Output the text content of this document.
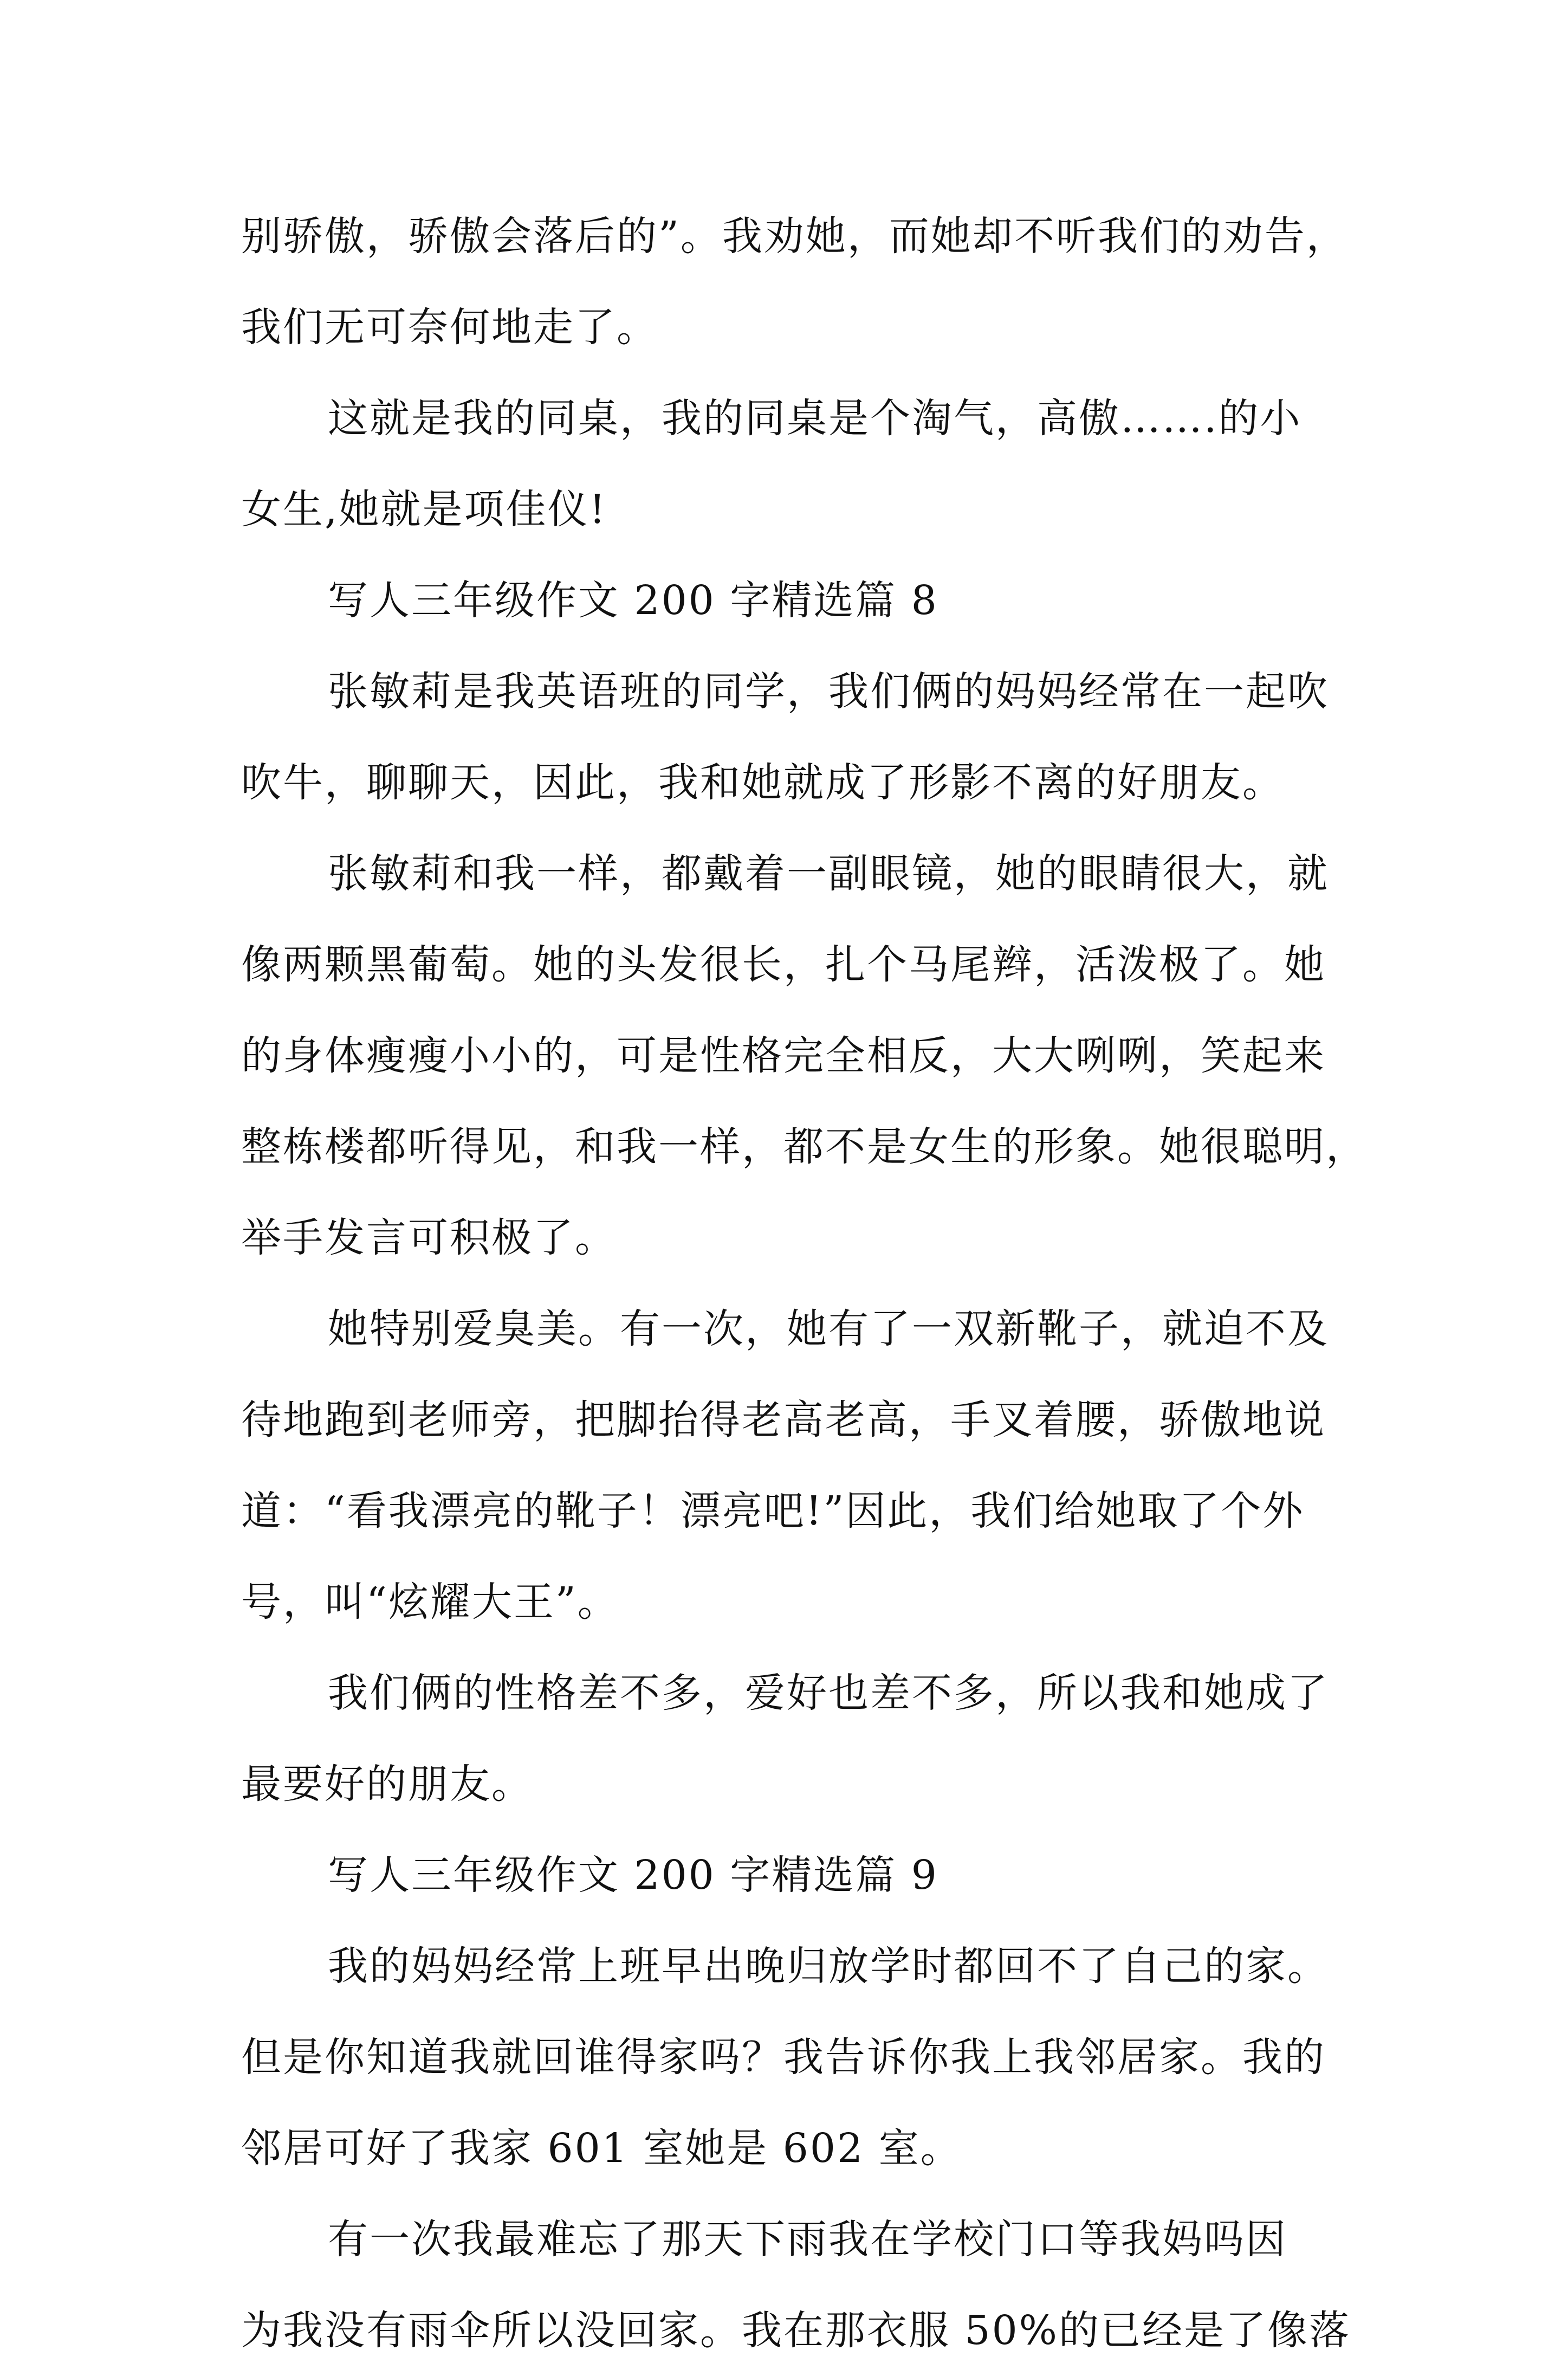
别骄傲，骄傲会落后的”。我劝她，而她却不听我们的劝告，
我们无可奈何地走了。
这就是我的同桌，我的同桌是个淘气，高傲…….的小
女生,她就是项佳仪!
写人三年级作文 200 字精选篇 8
张敏莉是我英语班的同学，我们俩的妈妈经常在一起吹
吹牛，聊聊天，因此，我和她就成了形影不离的好朋友。
张敏莉和我一样，都戴着一副眼镜，她的眼睛很大，就
像两颗黑葡萄。她的头发很长，扎个马尾辫，活泼极了。她
的身体瘦瘦小小的，可是性格完全相反，大大咧咧，笑起来
整栋楼都听得见，和我一样，都不是女生的形象。她很聪明，
举手发言可积极了。
她特别爱臭美。有一次，她有了一双新靴子，就迫不及
待地跑到老师旁，把脚抬得老高老高，手叉着腰，骄傲地说
道：“看我漂亮的靴子！漂亮吧!”因此，我们给她取了个外
号，叫“炫耀大王”。
我们俩的性格差不多，爱好也差不多，所以我和她成了
最要好的朋友。
写人三年级作文 200 字精选篇 9
我的妈妈经常上班早出晚归放学时都回不了自己的家。
但是你知道我就回谁得家吗？我告诉你我上我邻居家。我的
邻居可好了我家 601 室她是 602 室。
有一次我最难忘了那天下雨我在学校门口等我妈吗因
为我没有雨伞所以没回家。我在那衣服 50%的已经是了像落
